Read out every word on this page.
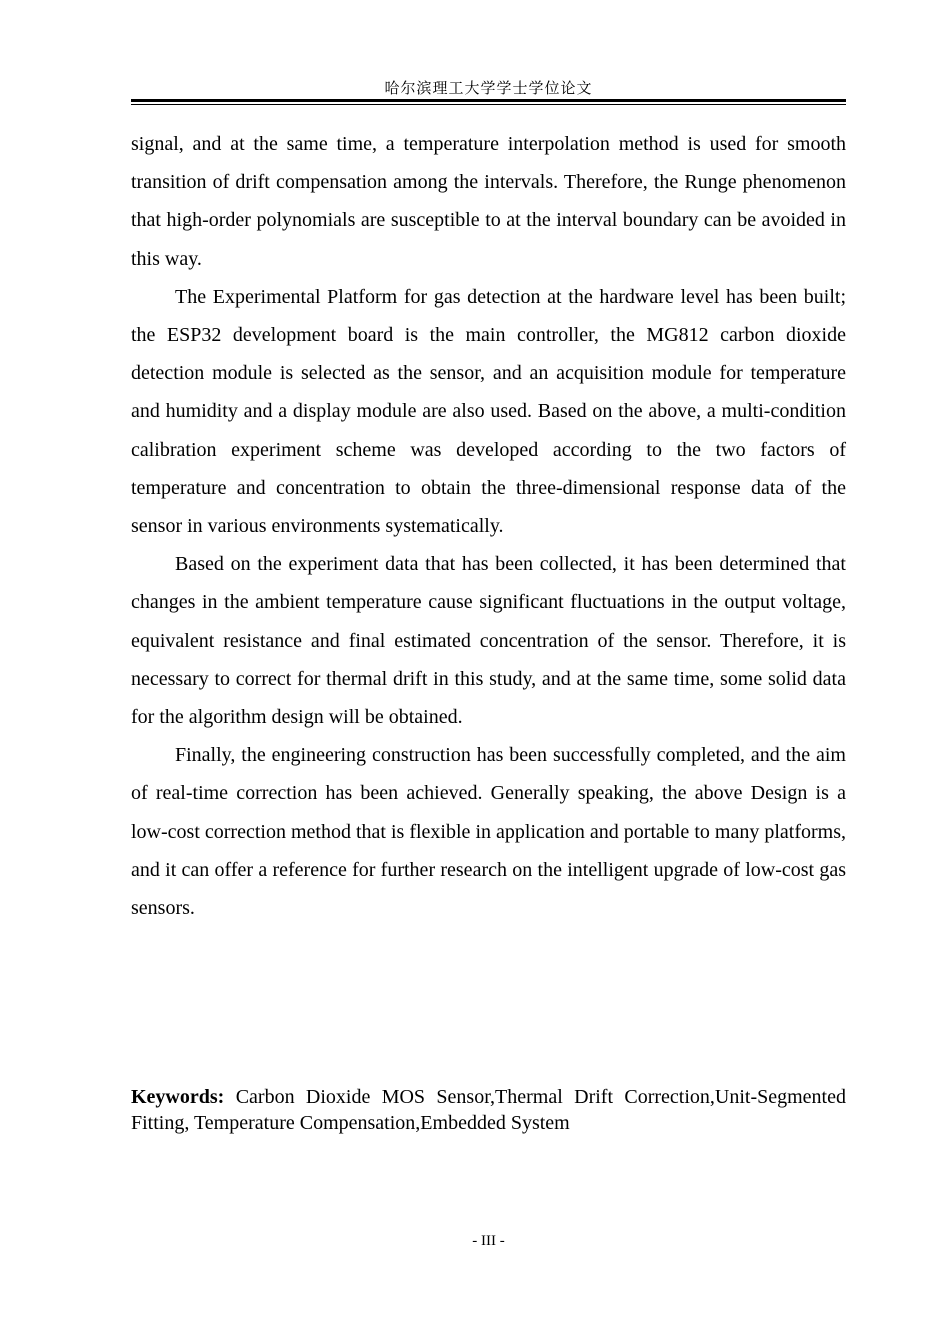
哈尔滨理工大学学士学位论文

signal, and at the same time, a temperature interpolation method is used for smooth transition of drift compensation among the intervals. Therefore, the Runge phenomenon that high-order polynomials are susceptible to at the interval boundary can be avoided in this way.

The Experimental Platform for gas detection at the hardware level has been built; the ESP32 development board is the main controller, the MG812 carbon dioxide detection module is selected as the sensor, and an acquisition module for temperature and humidity and a display module are also used. Based on the above, a multi-condition calibration experiment scheme was developed according to the two factors of temperature and concentration to obtain the three-dimensional response data of the sensor in various environments systematically.

Based on the experiment data that has been collected, it has been determined that changes in the ambient temperature cause significant fluctuations in the output voltage, equivalent resistance and final estimated concentration of the sensor. Therefore, it is necessary to correct for thermal drift in this study, and at the same time, some solid data for the algorithm design will be obtained.

Finally, the engineering construction has been successfully completed, and the aim of real-time correction has been achieved. Generally speaking, the above Design is a low-cost correction method that is flexible in application and portable to many platforms, and it can offer a reference for further research on the intelligent upgrade of low-cost gas sensors.

Keywords: Carbon Dioxide MOS Sensor,Thermal Drift Correction,Unit-Segmented Fitting, Temperature Compensation,Embedded System
- III -
